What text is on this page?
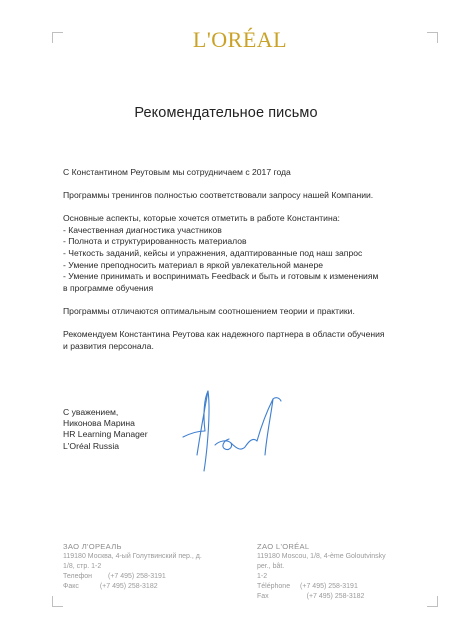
L'ORÉAL
Рекомендательное письмо

С Константином Реутовым мы сотрудничаем с 2017 года

Программы тренингов полностью соответствовали запросу нашей Компании.

Основные аспекты, которые хочется отметить в работе Константина:
- Качественная диагностика участников
- Полнота и структурированность материалов
- Четкость заданий, кейсы и упражнения, адаптированные под наш запрос
- Умение преподносить материал в яркой увлекательной манере
- Умение принимать и воспринимать Feedback и быть и готовым к изменениям
в программе обучения

Программы отличаются оптимальным соотношением теории и практики.

Рекомендуем Константина Реутова как надежного партнера в области обучения
и развития персонала.

С уважением,
Никонова Марина
HR Learning Manager
L'Oréal Russia
ЗАО Л'ОРЕАЛЬ
119180 Москва, 4-ый Голутвинский пер., д.
1/8, стр. 1-2
Телефон (+7 495) 258-3191
Факс	(+7 495) 258-3182
ZAO L'ORÉAL
119180 Moscou, 1/8, 4-ème Goloutvinsky
per., bât.
1-2
Téléphone (+7 495) 258-3191
Fax	(+7 495) 258-3182
